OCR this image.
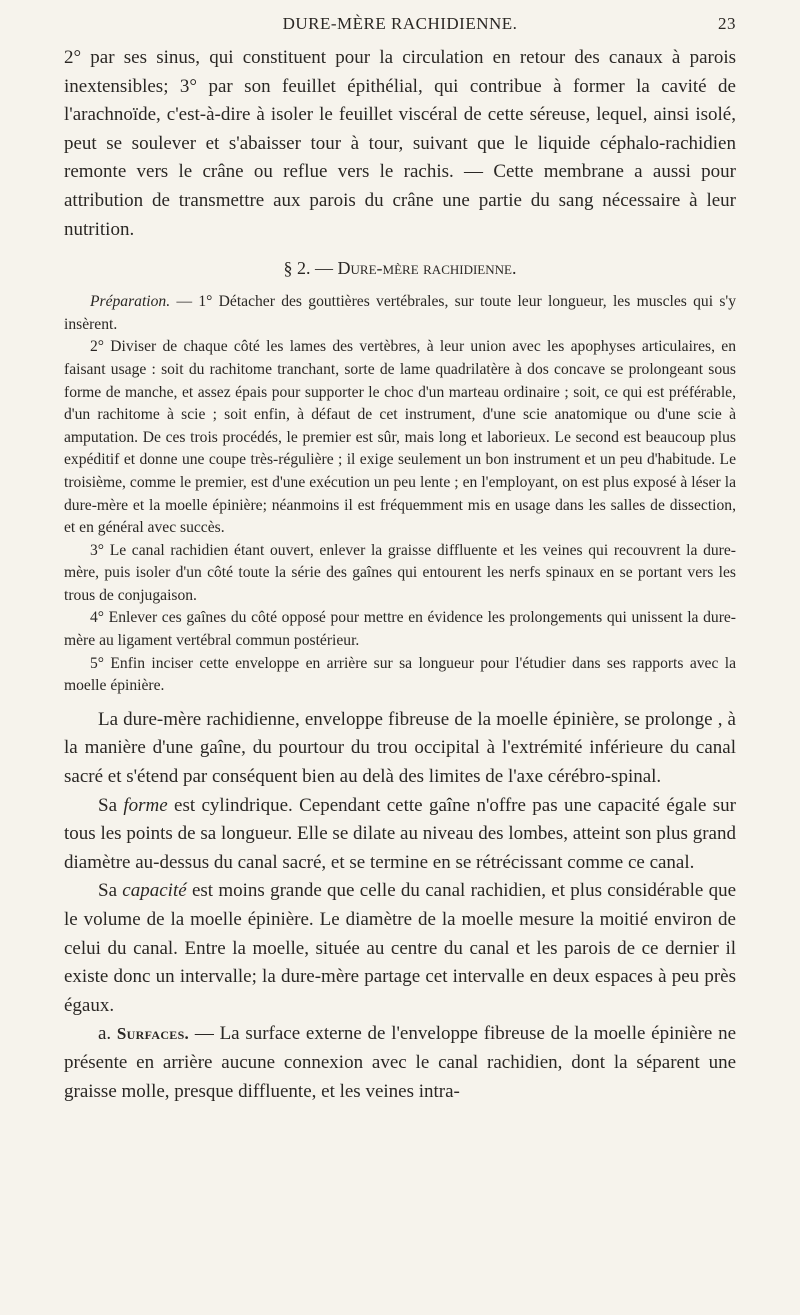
DURE-MÈRE RACHIDIENNE.	23

2° par ses sinus, qui constituent pour la circulation en retour des canaux à parois inextensibles; 3° par son feuillet épithélial, qui contribue à former la cavité de l'arachnoïde, c'est-à-dire à isoler le feuillet viscéral de cette séreuse, lequel, ainsi isolé, peut se soulever et s'abaisser tour à tour, suivant que le liquide céphalo-rachidien remonte vers le crâne ou reflue vers le rachis. — Cette membrane a aussi pour attribution de transmettre aux parois du crâne une partie du sang nécessaire à leur nutrition.

§ 2. — Dure-mère rachidienne.

Préparation. — 1° Détacher des gouttières vertébrales, sur toute leur longueur, les muscles qui s'y insèrent.

2° Diviser de chaque côté les lames des vertèbres, à leur union avec les apophyses articulaires, en faisant usage : soit du rachitome tranchant, sorte de lame quadrilatère à dos concave se prolongeant sous forme de manche, et assez épais pour supporter le choc d'un marteau ordinaire ; soit, ce qui est préférable, d'un rachitome à scie ; soit enfin, à défaut de cet instrument, d'une scie anatomique ou d'une scie à amputation. De ces trois procédés, le premier est sûr, mais long et laborieux. Le second est beaucoup plus expéditif et donne une coupe très-régulière ; il exige seulement un bon instrument et un peu d'habitude. Le troisième, comme le premier, est d'une exécution un peu lente ; en l'employant, on est plus exposé à léser la dure-mère et la moelle épinière; néanmoins il est fréquemment mis en usage dans les salles de dissection, et en général avec succès.

3° Le canal rachidien étant ouvert, enlever la graisse diffluente et les veines qui recouvrent la dure-mère, puis isoler d'un côté toute la série des gaînes qui entourent les nerfs spinaux en se portant vers les trous de conjugaison.

4° Enlever ces gaînes du côté opposé pour mettre en évidence les prolongements qui unissent la dure-mère au ligament vertébral commun postérieur.

5° Enfin inciser cette enveloppe en arrière sur sa longueur pour l'étudier dans ses rapports avec la moelle épinière.

La dure-mère rachidienne, enveloppe fibreuse de la moelle épinière, se prolonge , à la manière d'une gaîne, du pourtour du trou occipital à l'extrémité inférieure du canal sacré et s'étend par conséquent bien au delà des limites de l'axe cérébro-spinal.

Sa forme est cylindrique. Cependant cette gaîne n'offre pas une capacité égale sur tous les points de sa longueur. Elle se dilate au niveau des lombes, atteint son plus grand diamètre au-dessus du canal sacré, et se termine en se rétrécissant comme ce canal.

Sa capacité est moins grande que celle du canal rachidien, et plus considérable que le volume de la moelle épinière. Le diamètre de la moelle mesure la moitié environ de celui du canal. Entre la moelle, située au centre du canal et les parois de ce dernier il existe donc un intervalle; la dure-mère partage cet intervalle en deux espaces à peu près égaux.

a. Surfaces. — La surface externe de l'enveloppe fibreuse de la moelle épinière ne présente en arrière aucune connexion avec le canal rachidien, dont la séparent une graisse molle, presque diffluente, et les veines intra-
